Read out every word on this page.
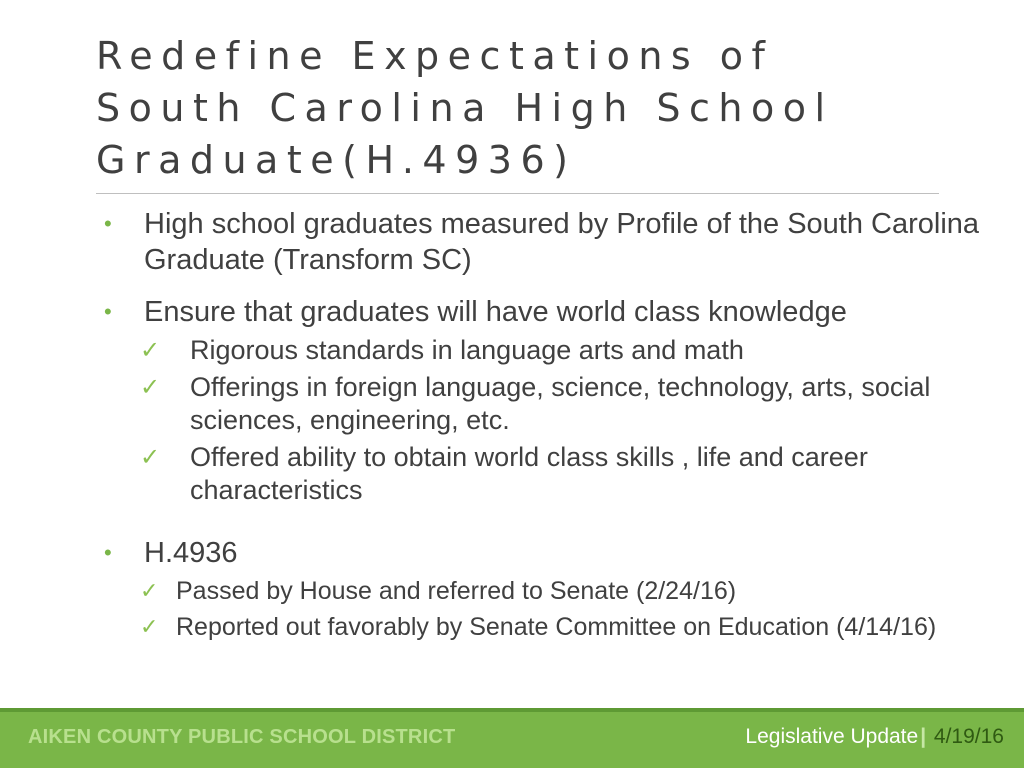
Redefine Expectations of
South Carolina High School
Graduate(H.4936)
• High school graduates measured by Profile of the South Carolina Graduate (Transform SC)
• Ensure that graduates will have world class knowledge
✓ Rigorous standards in language arts and math
✓ Offerings in foreign language, science, technology, arts, social sciences, engineering, etc.
✓ Offered ability to obtain world class skills , life and career characteristics
• H.4936
✓ Passed by House and referred to Senate (2/24/16)
✓ Reported out favorably by Senate Committee on Education (4/14/16)
AIKEN COUNTY PUBLIC SCHOOL DISTRICT	Legislative Update| 4/19/16
